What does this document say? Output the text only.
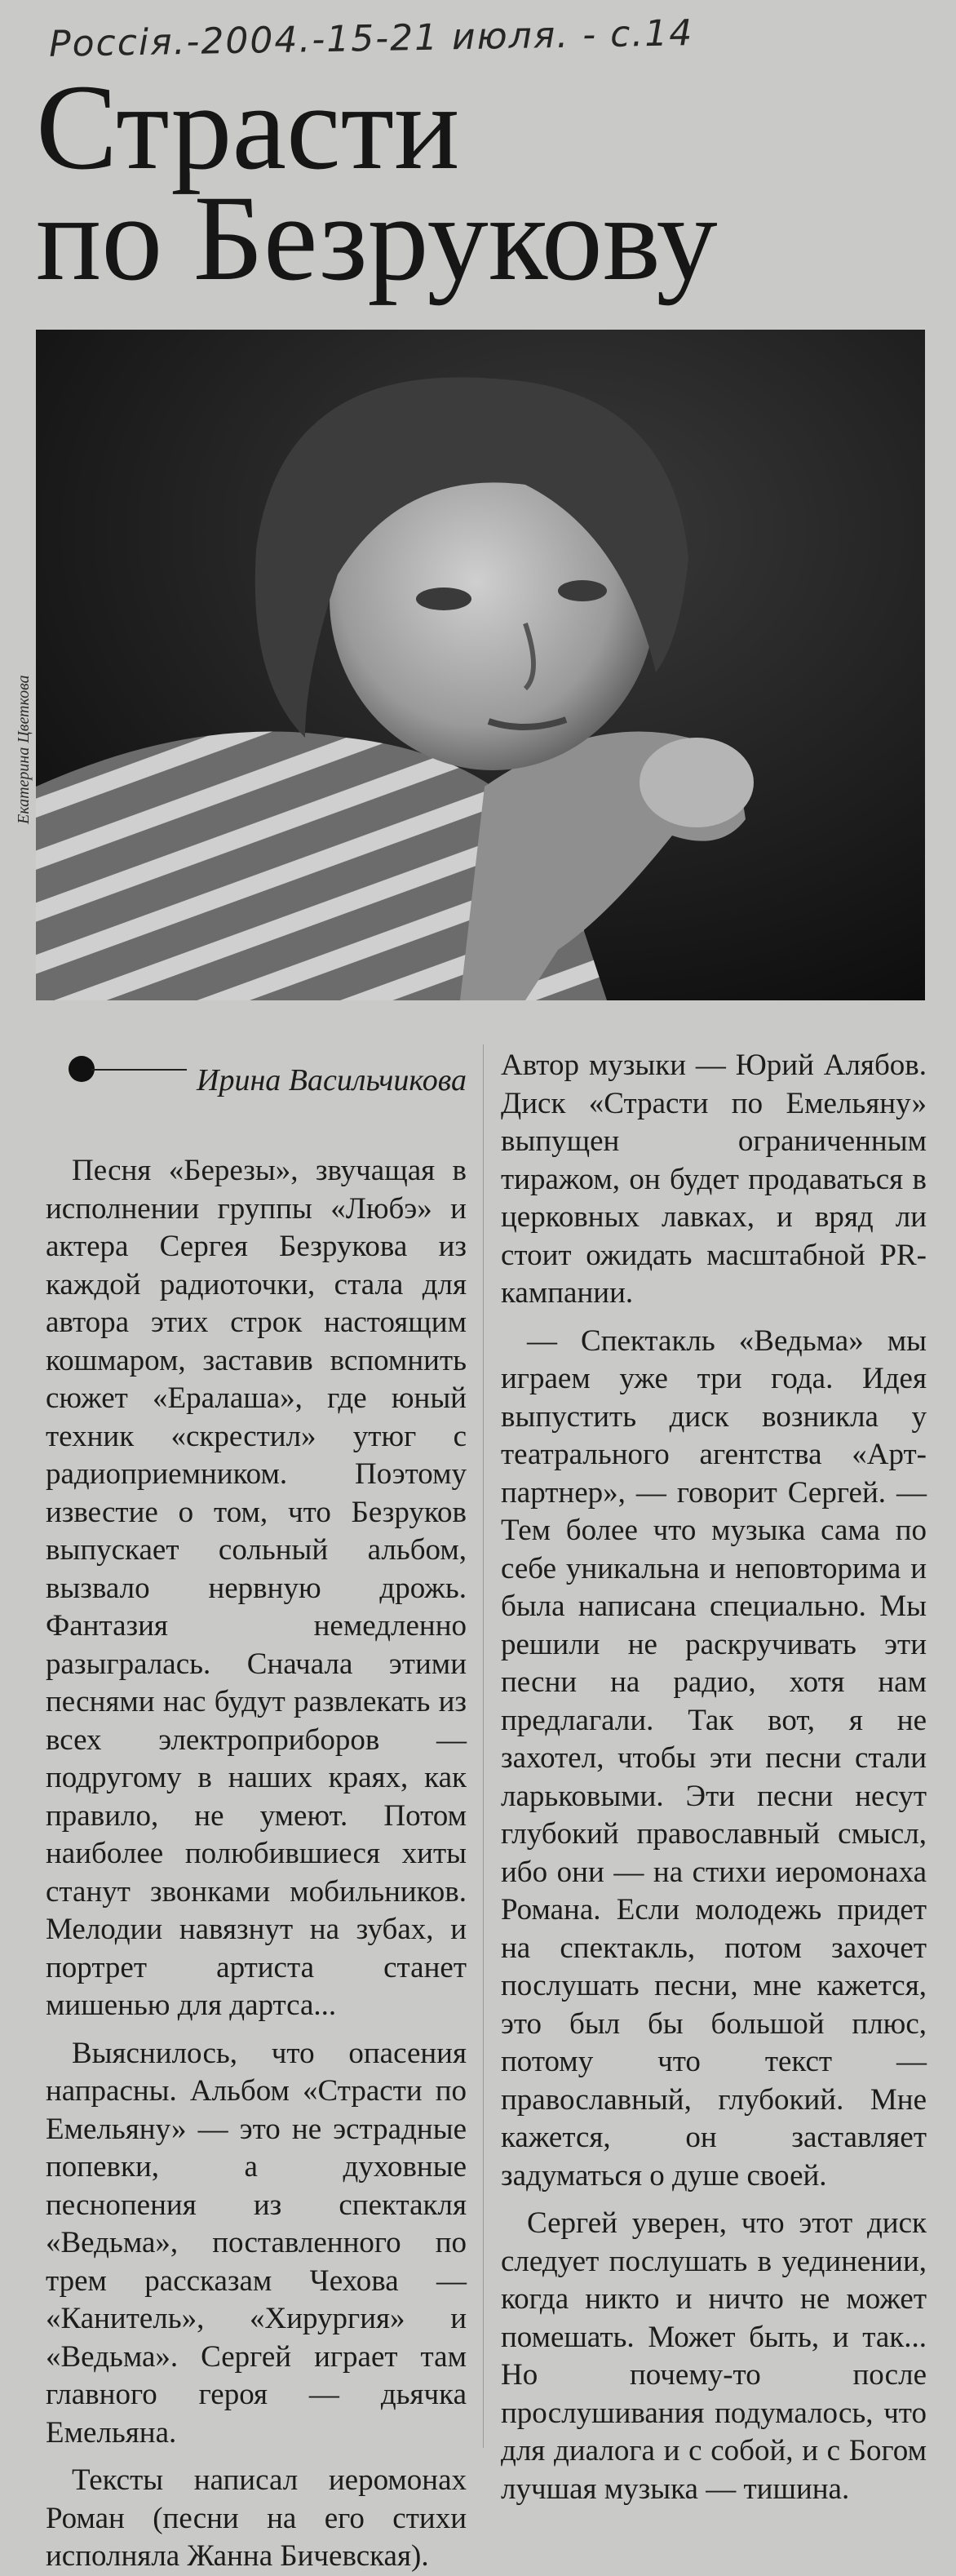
Россiя.-2004.-15-21 июля. - с.14
Страсти
по Безрукову
Екатерина Цветкова
Ирина Васильчикова

Песня «Березы», звучащая в исполнении группы «Любэ» и актера Сергея Безрукова из каждой радиоточки, стала для автора этих строк настоящим кошмаром, заставив вспомнить сюжет «Ералаша», где юный техник «скрестил» утюг с радиоприемником. Поэтому известие о том, что Безруков выпускает сольный альбом, вызвало нервную дрожь. Фантазия немедленно разыгралась. Сначала этими песнями нас будут развлекать из всех электроприборов — подругому в наших краях, как правило, не умеют. Потом наиболее полюбившиеся хиты станут звонками мобильников. Мелодии навязнут на зубах, и портрет артиста станет мишенью для дартса...

Выяснилось, что опасения напрасны. Альбом «Страсти по Емельяну» — это не эстрадные попевки, а духовные песнопения из спектакля «Ведьма», поставленного по трем рассказам Чехова — «Канитель», «Хирургия» и «Ведьма». Сергей играет там главного героя — дьячка Емельяна.

Тексты написал иеромонах Роман (песни на его стихи исполняла Жанна Бичевская).

Автор музыки — Юрий Алябов. Диск «Страсти по Емельяну» выпущен ограниченным тиражом, он будет продаваться в церковных лавках, и вряд ли стоит ожидать масштабной PR-кампании.

— Спектакль «Ведьма» мы играем уже три года. Идея выпустить диск возникла у театрального агентства «Арт-партнер», — говорит Сергей. — Тем более что музыка сама по себе уникальна и неповторима и была написана специально. Мы решили не раскручивать эти песни на радио, хотя нам предлагали. Так вот, я не захотел, чтобы эти песни стали ларьковыми. Эти песни несут глубокий православный смысл, ибо они — на стихи иеромонаха Романа. Если молодежь придет на спектакль, потом захочет послушать песни, мне кажется, это был бы большой плюс, потому что текст — православный, глубокий. Мне кажется, он заставляет задуматься о душе своей.

Сергей уверен, что этот диск следует послушать в уединении, когда никто и ничто не может помешать. Может быть, и так... Но почему-то после прослушивания подумалось, что для диалога и с собой, и с Богом лучшая музыка — тишина.
